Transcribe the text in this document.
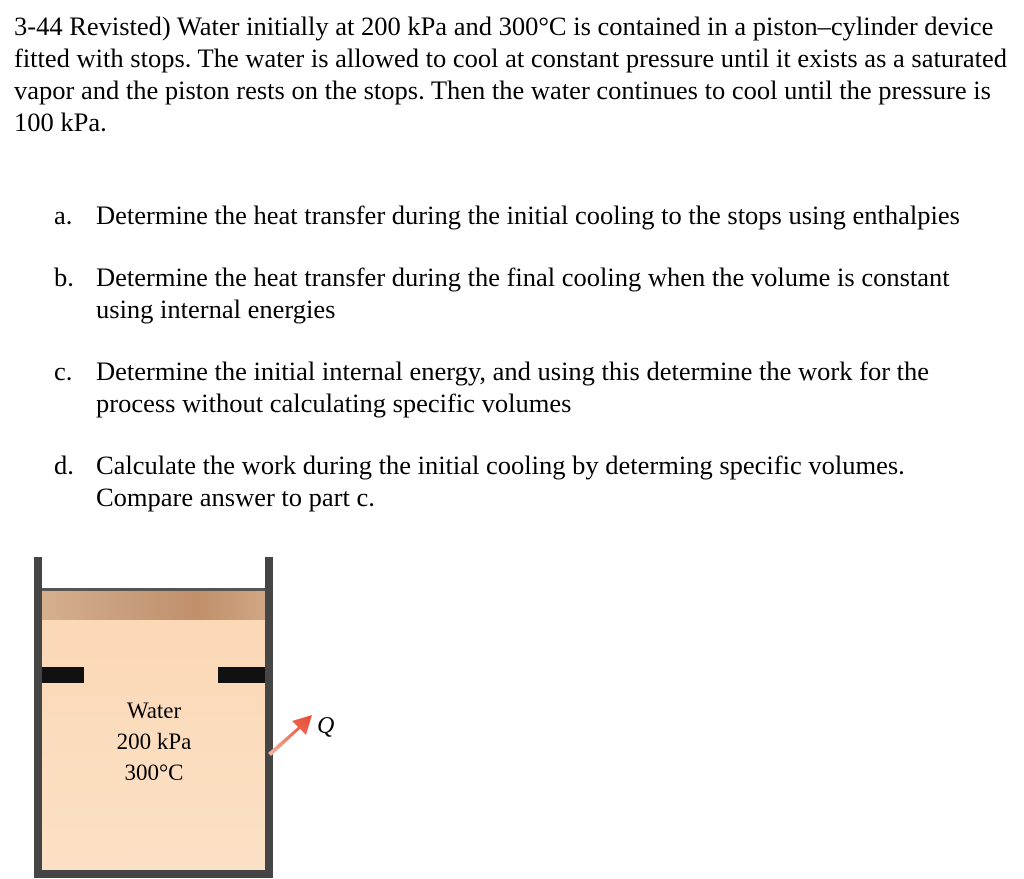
3-44 Revisted) Water initially at 200 kPa and 300°C is contained in a piston–cylinder device fitted with stops. The water is allowed to cool at constant pressure until it exists as a saturated vapor and the piston rests on the stops. Then the water continues to cool until the pressure is 100 kPa.

a. Determine the heat transfer during the initial cooling to the stops using enthalpies
b. Determine the heat transfer during the final cooling when the volume is constant using internal energies
c. Determine the initial internal energy, and using this determine the work for the process without calculating specific volumes
d. Calculate the work during the initial cooling by determing specific volumes. Compare answer to part c.
Water
200 kPa
300°C
Q
